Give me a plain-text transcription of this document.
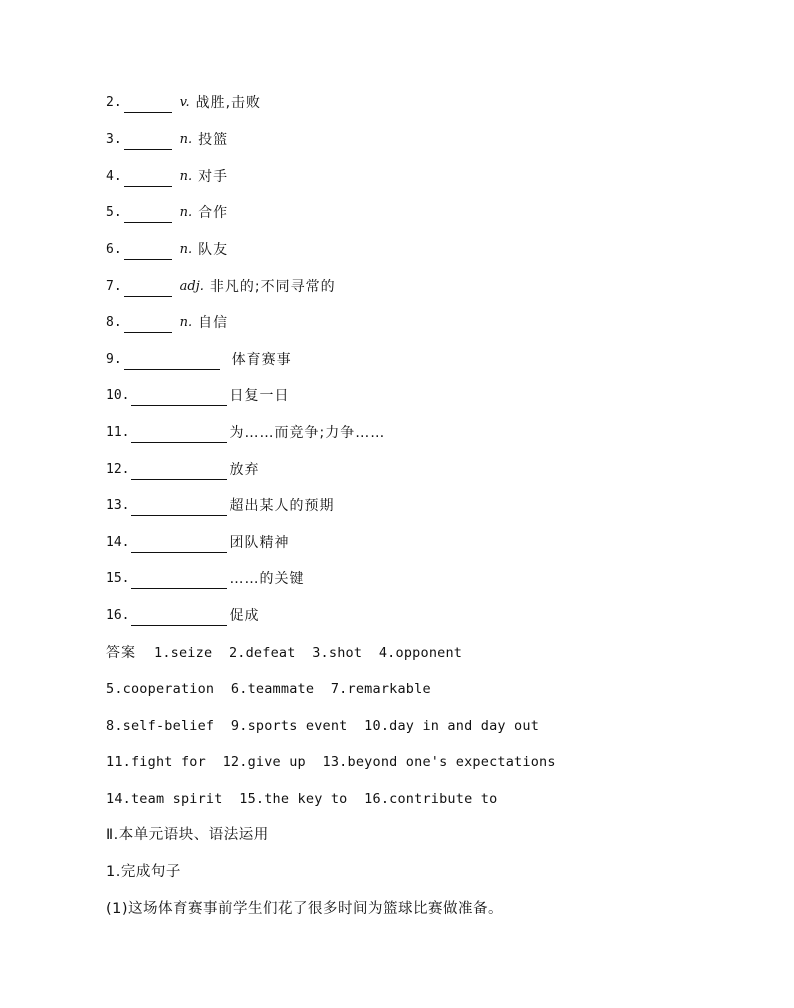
2.	v. 战胜,击败
3.	n. 投篮
4.	n. 对手
5.	n. 合作
6.	n. 队友
7.	adj. 非凡的;不同寻常的
8.	n. 自信
9.	体育赛事
10.	日复一日
11.	为……而竞争;力争……
12.	放弃
13.	超出某人的预期
14.	团队精神
15.	……的关键
16.	促成
答案 1.seize  2.defeat  3.shot  4.opponent
5.cooperation  6.teammate  7.remarkable
8.self-belief  9.sports event  10.day in and day out
11.fight for  12.give up  13.beyond one's expectations
14.team spirit  15.the key to  16.contribute to
Ⅱ.本单元语块、语法运用
1.完成句子
(1)这场体育赛事前学生们花了很多时间为篮球比赛做准备。
